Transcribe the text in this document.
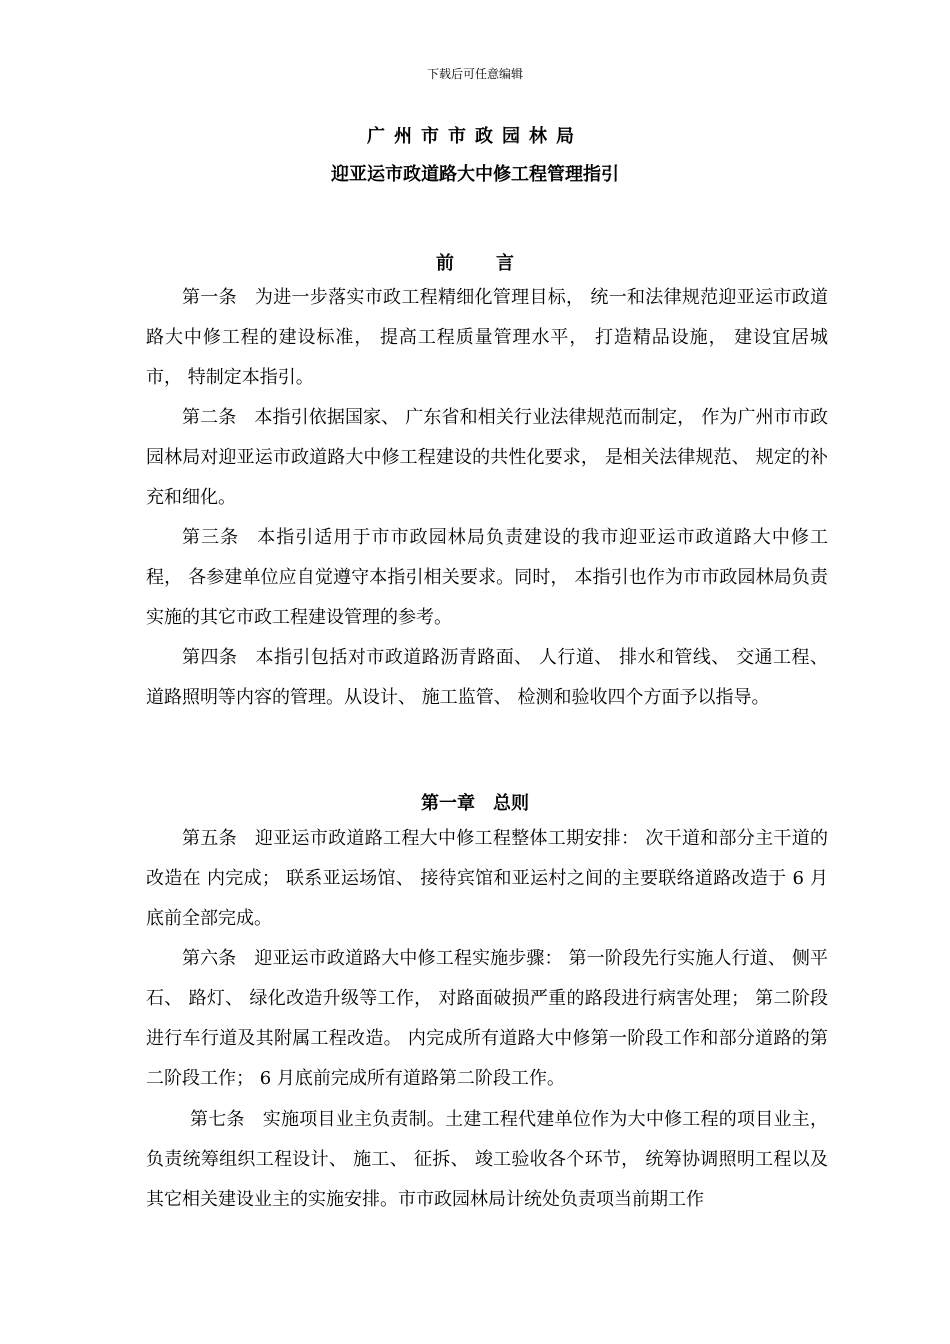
下载后可任意编辑
广州市市政园林局
迎亚运市政道路大中修工程管理指引
前言

第一条 为进一步落实市政工程精细化管理目标， 统一和法律规范迎亚运市政道路大中修工程的建设标准， 提高工程质量管理水平， 打造精品设施， 建设宜居城市， 特制定本指引。

第二条 本指引依据国家、 广东省和相关行业法律规范而制定， 作为广州市市政园林局对迎亚运市政道路大中修工程建设的共性化要求， 是相关法律规范、 规定的补充和细化。

第三条 本指引适用于市市政园林局负责建设的我市迎亚运市政道路大中修工程， 各参建单位应自觉遵守本指引相关要求。同时， 本指引也作为市市政园林局负责实施的其它市政工程建设管理的参考。

第四条 本指引包括对市政道路沥青路面、 人行道、 排水和管线、 交通工程、 道路照明等内容的管理。从设计、 施工监管、 检测和验收四个方面予以指导。

第一章　总则

第五条 迎亚运市政道路工程大中修工程整体工期安排： 次干道和部分主干道的改造在 内完成； 联系亚运场馆、 接待宾馆和亚运村之间的主要联络道路改造于 6 月底前全部完成。

第六条 迎亚运市政道路大中修工程实施步骤： 第一阶段先行实施人行道、 侧平石、 路灯、 绿化改造升级等工作， 对路面破损严重的路段进行病害处理； 第二阶段进行车行道及其附属工程改造。 内完成所有道路大中修第一阶段工作和部分道路的第二阶段工作； 6 月底前完成所有道路第二阶段工作。

第七条 实施项目业主负责制。土建工程代建单位作为大中修工程的项目业主， 负责统筹组织工程设计、 施工、 征拆、 竣工验收各个环节， 统筹协调照明工程以及其它相关建设业主的实施安排。市市政园林局计统处负责项当前期工作
